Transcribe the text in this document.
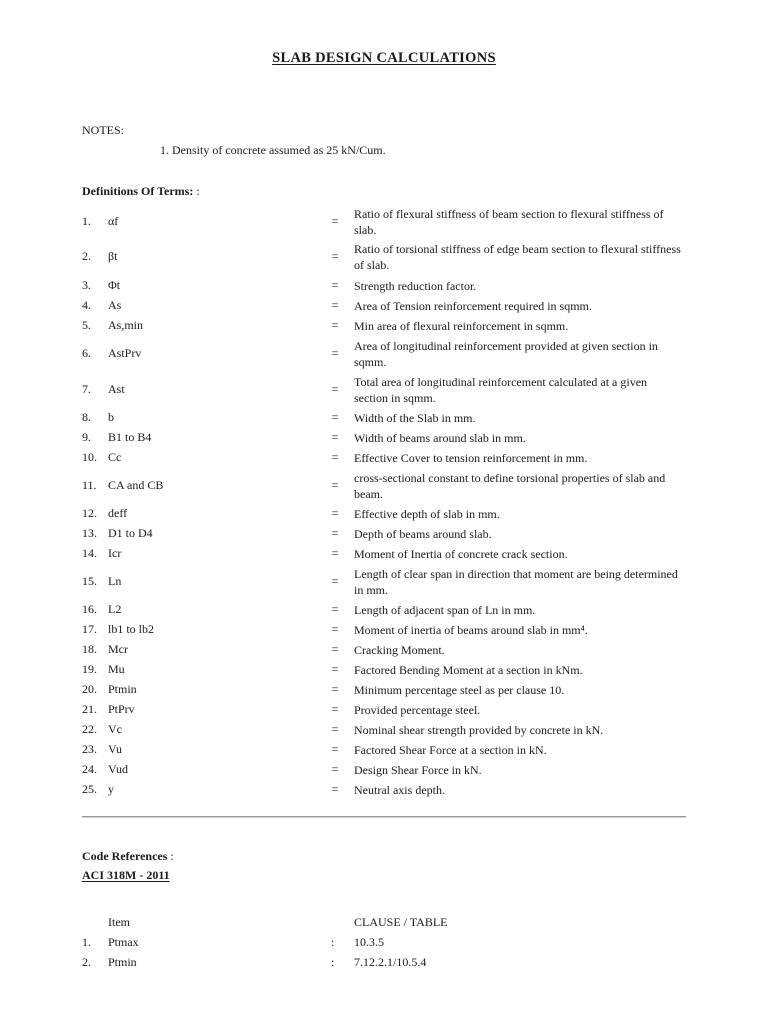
SLAB DESIGN CALCULATIONS
NOTES:
1. Density of concrete assumed as 25 kN/Cum.
Definitions Of Terms: :
1.	αf	= Ratio of flexural stiffness of beam section to flexural stiffness of slab.
2.	βt	= Ratio of torsional stiffness of edge beam section to flexural stiffness of slab.
3.	Φt	= Strength reduction factor.
4.	As	= Area of Tension reinforcement required in sqmm.
5.	As,min	= Min area of flexural reinforcement in sqmm.
6.	AstPrv	= Area of longitudinal reinforcement provided at given section in sqmm.
7.	Ast	= Total area of longitudinal reinforcement calculated at a given section in sqmm.
8.	b	= Width of the Slab in mm.
9.	B1 to B4	= Width of beams around slab in mm.
10. Cc	= Effective Cover to tension reinforcement in mm.
11. CA and CB	= cross-sectional constant to define torsional properties of slab and beam.
12. deff	= Effective depth of slab in mm.
13. D1 to D4	= Depth of beams around slab.
14. Icr	= Moment of Inertia of concrete crack section.
15. Ln	= Length of clear span in direction that moment are being determined in mm.
16. L2	= Length of adjacent span of Ln in mm.
17. lb1 to lb2	= Moment of inertia of beams around slab in mm⁴.
18. Mcr	= Cracking Moment.
19. Mu	= Factored Bending Moment at a section in kNm.
20. Ptmin	= Minimum percentage steel as per clause 10.
21. PtPrv	= Provided percentage steel.
22. Vc	= Nominal shear strength provided by concrete in kN.
23. Vu	= Factored Shear Force at a section in kN.
24. Vud	= Design Shear Force in kN.
25. y	= Neutral axis depth.
Code References :
ACI 318M - 2011
Item	CLAUSE / TABLE
1. Ptmax	: 10.3.5
2. Ptmin	: 7.12.2.1/10.5.4
